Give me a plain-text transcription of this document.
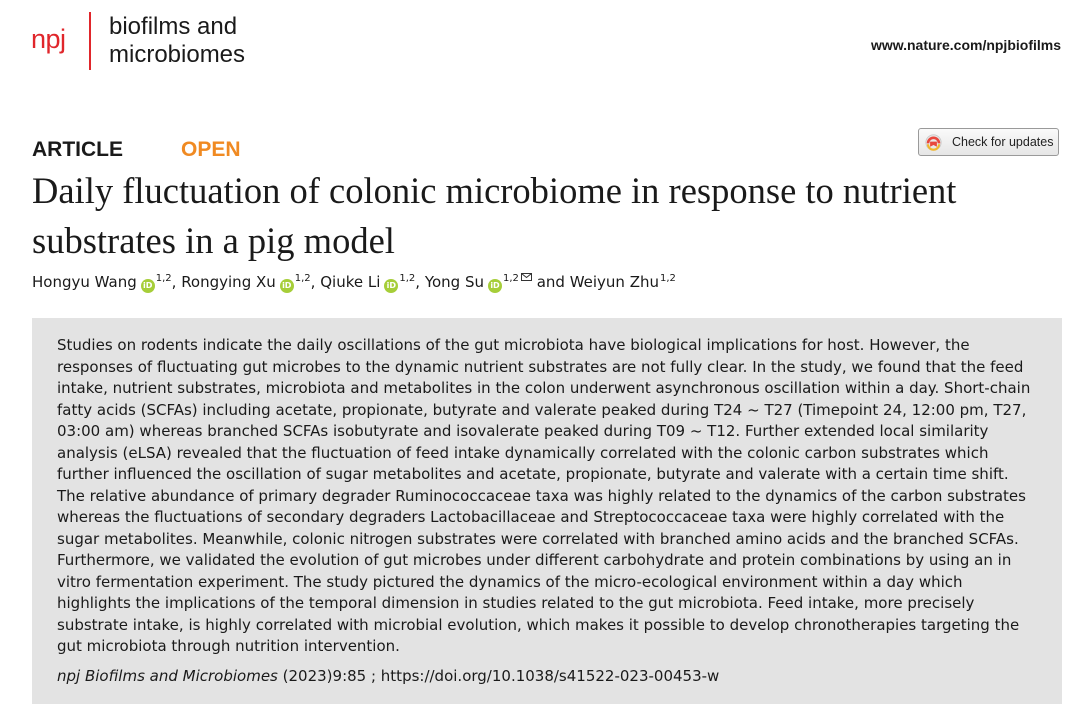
npj biofilms and
microbiomes	www.nature.com/npjbiofilms
ARTICLE	OPEN	Check for updates
Daily fluctuation of colonic microbiome in response to nutrient substrates in a pig model
Hongyu Wang iD$^{1,2}$, Rongying Xu iD$^{1,2}$, Qiuke Li iD$^{1,2}$, Yong Su iD$^{1,2}$ and Weiyun Zhu$^{1,2}$

Studies on rodents indicate the daily oscillations of the gut microbiota have biological implications for host. However, the responses of fluctuating gut microbes to the dynamic nutrient substrates are not fully clear. In the study, we found that the feed intake, nutrient substrates, microbiota and metabolites in the colon underwent asynchronous oscillation within a day. Short-chain fatty acids (SCFAs) including acetate, propionate, butyrate and valerate peaked during T24 ~ T27 (Timepoint 24, 12:00 pm, T27, 03:00 am) whereas branched SCFAs isobutyrate and isovalerate peaked during T09 ~ T12. Further extended local similarity analysis (eLSA) revealed that the fluctuation of feed intake dynamically correlated with the colonic carbon substrates which further influenced the oscillation of sugar metabolites and acetate, propionate, butyrate and valerate with a certain time shift. The relative abundance of primary degrader Ruminococcaceae taxa was highly related to the dynamics of the carbon substrates whereas the fluctuations of secondary degraders Lactobacillaceae and Streptococcaceae taxa were highly correlated with the sugar metabolites. Meanwhile, colonic nitrogen substrates were correlated with branched amino acids and the branched SCFAs. Furthermore, we validated the evolution of gut microbes under different carbohydrate and protein combinations by using an in vitro fermentation experiment. The study pictured the dynamics of the micro-ecological environment within a day which highlights the implications of the temporal dimension in studies related to the gut microbiota. Feed intake, more precisely substrate intake, is highly correlated with microbial evolution, which makes it possible to develop chronotherapies targeting the gut microbiota through nutrition intervention.

npj Biofilms and Microbiomes (2023)9:85 ; https://doi.org/10.1038/s41522-023-00453-w
